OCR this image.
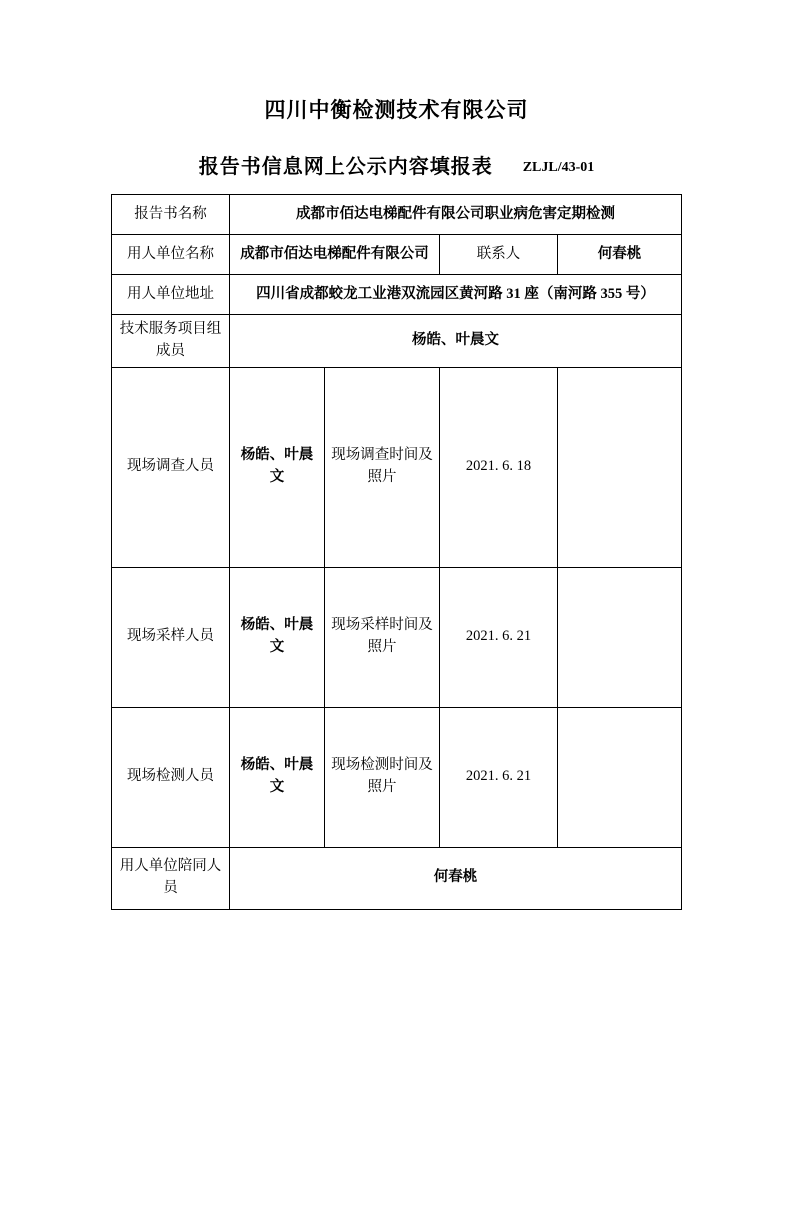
四川中衡检测技术有限公司
报告书信息网上公示内容填报表 ZLJL/43-01
报告书名称	成都市佰达电梯配件有限公司职业病危害定期检测			
用人单位名称	成都市佰达电梯配件有限公司		联系人	何春桃
用人单位地址	四川省成都蛟龙工业港双流园区黄河路 31 座（南河路 355 号）			
技术服务项目组成员	杨皓、叶晨文			
现场调查人员	杨皓、叶晨文	现场调查时间及照片	2021. 6. 18	
现场采样人员	杨皓、叶晨文	现场采样时间及照片	2021. 6. 21	
现场检测人员	杨皓、叶晨文	现场检测时间及照片	2021. 6. 21	
用人单位陪同人员	何春桃			
